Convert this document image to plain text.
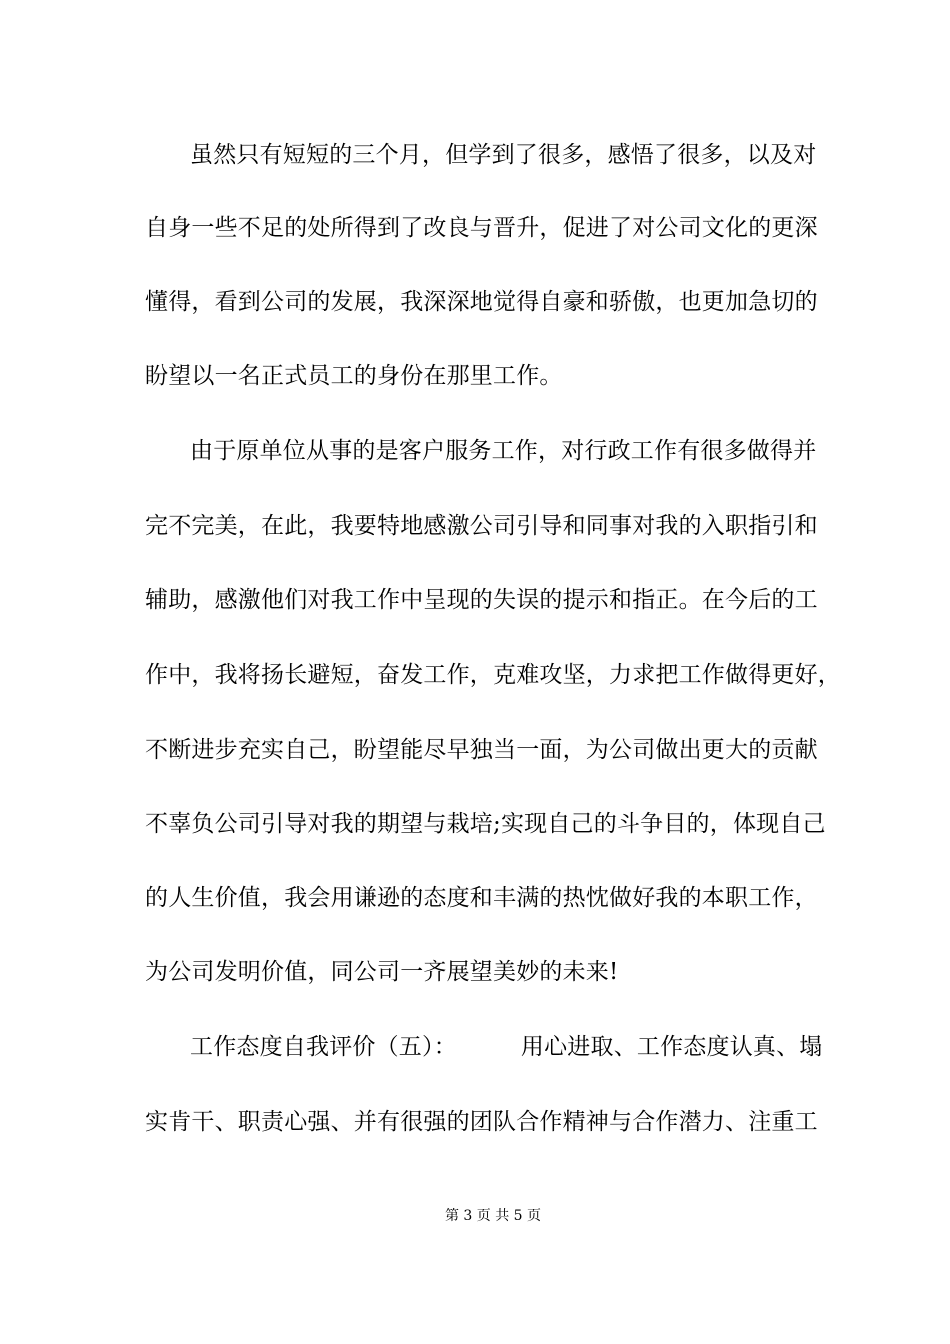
虽然只有短短的三个月，但学到了很多，感悟了很多，以及对
自身一些不足的处所得到了改良与晋升，促进了对公司文化的更深
懂得，看到公司的发展，我深深地觉得自豪和骄傲，也更加急切的
盼望以一名正式员工的身份在那里工作。
由于原单位从事的是客户服务工作，对行政工作有很多做得并
完不完美，在此，我要特地感激公司引导和同事对我的入职指引和
辅助，感激他们对我工作中呈现的失误的提示和指正。在今后的工
作中，我将扬长避短，奋发工作，克难攻坚，力求把工作做得更好，
不断进步充实自己，盼望能尽早独当一面，为公司做出更大的贡献
不辜负公司引导对我的期望与栽培;实现自己的斗争目的，体现自己
的人生价值，我会用谦逊的态度和丰满的热忱做好我的本职工作，
为公司发明价值，同公司一齐展望美妙的未来!
工作态度自我评价（五）：	用心进取、工作态度认真、塌
实肯干、职责心强、并有很强的团队合作精神与合作潜力、注重工
第 3 页 共 5 页
